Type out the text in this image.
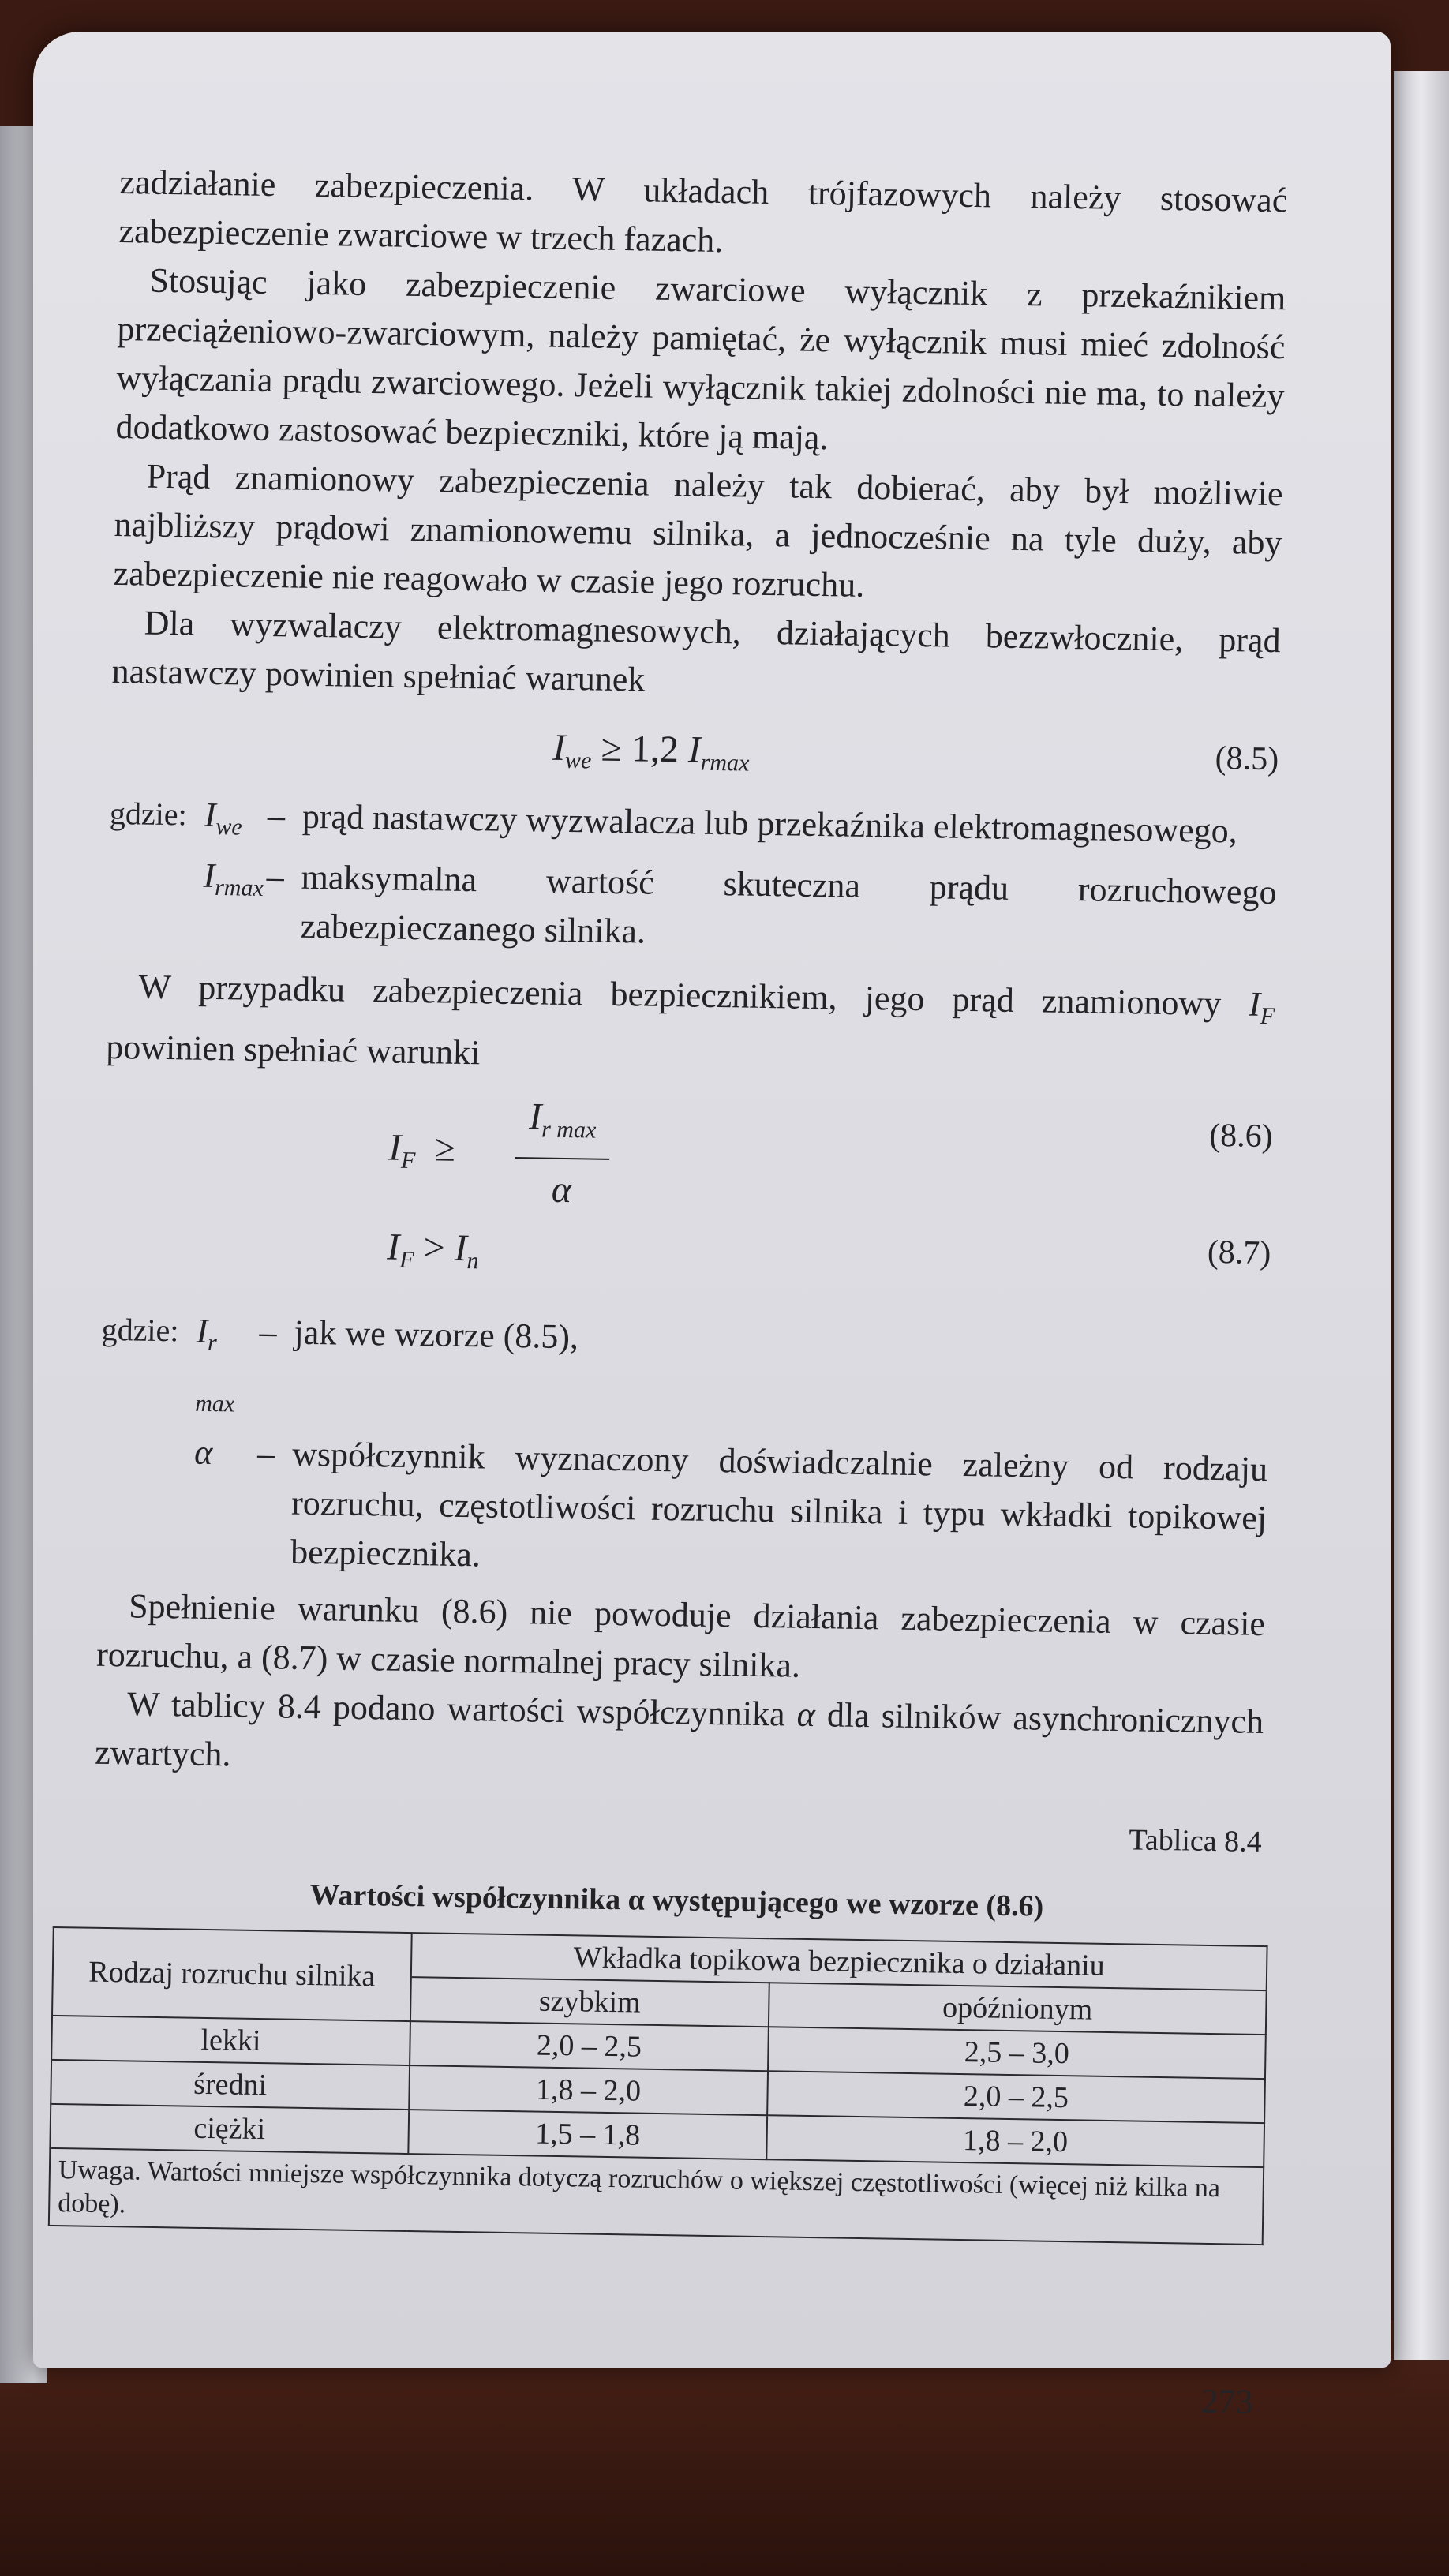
zadziałanie zabezpieczenia. W układach trójfazowych należy stosować zabezpieczenie zwarciowe w trzech fazach.

Stosując jako zabezpieczenie zwarciowe wyłącznik z przekaźnikiem przeciążeniowo-zwarciowym, należy pamiętać, że wyłącznik musi mieć zdolność wyłączania prądu zwarciowego. Jeżeli wyłącznik takiej zdolności nie ma, to należy dodatkowo zastosować bezpieczniki, które ją mają.

Prąd znamionowy zabezpieczenia należy tak dobierać, aby był możliwie najbliższy prądowi znamionowemu silnika, a jednocześnie na tyle duży, aby zabezpieczenie nie reagowało w czasie jego rozruchu.

Dla wyzwalaczy elektromagnesowych, działających bezzwłocznie, prąd nastawczy powinien spełniać warunek

$I_{we} \ge 1,2$ $I_{rmax}$	(8.5)
gdzie: $I_{we}$ – prąd nastawczy wyzwalacza lub przekaźnika elektromagnesowego,
$I_{rmax}$ – maksymalna wartość skuteczna prądu rozruchowego zabezpieczanego silnika.

W przypadku zabezpieczenia bezpiecznikiem, jego prąd znamionowy $I_F$ powinien spełniać warunki

$I_F$ ≥
$I_{r max}$
α
(8.6)
$I_F > I_n$	(8.7)
gdzie: $I_{r max}$
– jak we wzorze (8.5),
α	– współczynnik wyznaczony doświadczalnie zależny od rodzaju rozruchu, częstotliwości rozruchu silnika i typu wkładki topikowej bezpiecznika.

Spełnienie warunku (8.6) nie powoduje działania zabezpieczenia w czasie rozruchu, a (8.7) w czasie normalnej pracy silnika.

W tablicy 8.4 podano wartości współczynnika α dla silników asynchronicznych zwartych.

Tablica 8.4
Wartości współczynnika α występującego we wzorze (8.6)
Rodzaj rozruchu silnika	Wkładka topikowa bezpiecznika o działaniu	
	szybkim	opóźnionym
lekki	2,0 – 2,5	2,5 – 3,0
średni	1,8 – 2,0	2,0 – 2,5
ciężki	1,5 – 1,8	1,8 – 2,0
Uwaga. Wartości mniejsze współczynnika dotyczą rozruchów o większej częstotliwości (więcej niż kilka na dobę).		
273
